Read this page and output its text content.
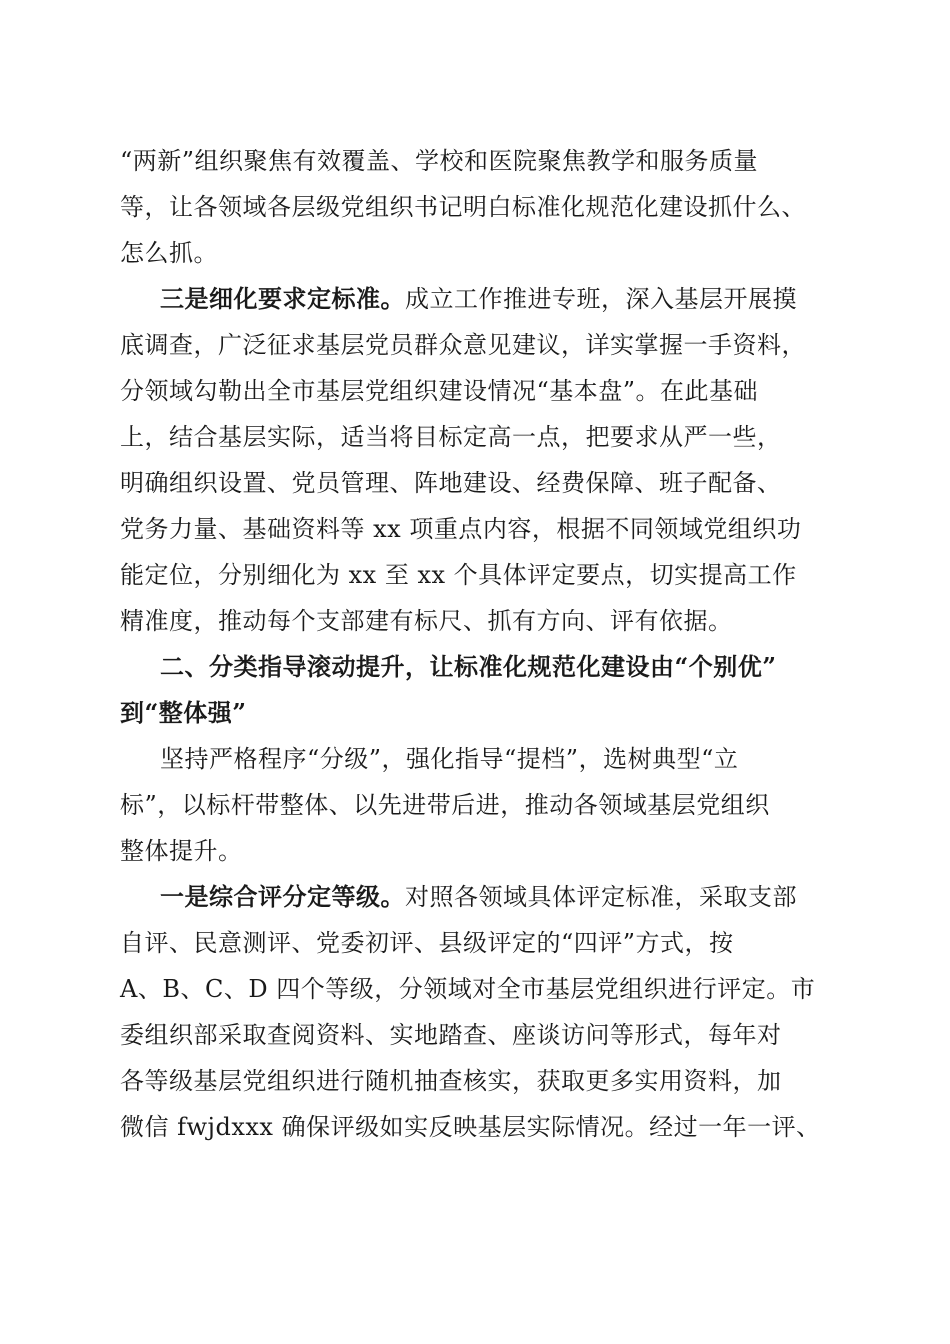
“两新”组织聚焦有效覆盖、学校和医院聚焦教学和服务质量
等，让各领域各层级党组织书记明白标准化规范化建设抓什么、
怎么抓。
三是细化要求定标准。成立工作推进专班，深入基层开展摸
底调查，广泛征求基层党员群众意见建议，详实掌握一手资料，
分领域勾勒出全市基层党组织建设情况“基本盘”。在此基础
上，结合基层实际，适当将目标定高一点，把要求从严一些，
明确组织设置、党员管理、阵地建设、经费保障、班子配备、
党务力量、基础资料等 xx 项重点内容，根据不同领域党组织功
能定位，分别细化为 xx 至 xx 个具体评定要点，切实提高工作
精准度，推动每个支部建有标尺、抓有方向、评有依据。
二、分类指导滚动提升，让标准化规范化建设由“个别优”
到“整体强”
坚持严格程序“分级”，强化指导“提档”，选树典型“立
标”，以标杆带整体、以先进带后进，推动各领域基层党组织
整体提升。
一是综合评分定等级。对照各领域具体评定标准，采取支部
自评、民意测评、党委初评、县级评定的“四评”方式，按
A、B、C、D 四个等级，分领域对全市基层党组织进行评定。市
委组织部采取查阅资料、实地踏查、座谈访问等形式，每年对
各等级基层党组织进行随机抽查核实，获取更多实用资料，加
微信 fwjdxxx 确保评级如实反映基层实际情况。经过一年一评、
